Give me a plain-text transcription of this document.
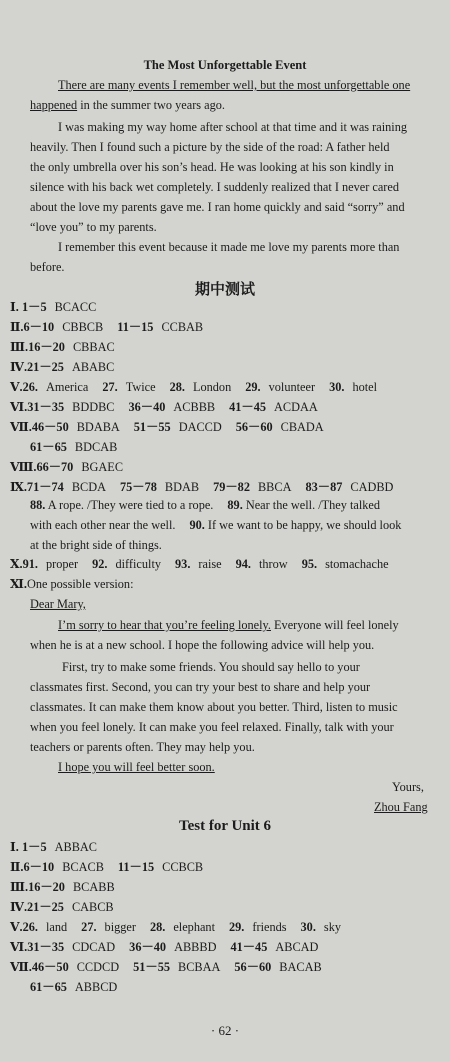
The Most Unforgettable Event
There are many events I remember well, but the most unforgettable one
happened in the summer two years ago.
I was making my way home after school at that time and it was raining
heavily. Then I found such a picture by the side of the road: A father held
the only umbrella over his son’s head. He was looking at his son kindly in
silence with his back wet completely. I suddenly realized that I never cared
about the love my parents gave me. I ran home quickly and said “sorry” and
“love you” to my parents.
I remember this event because it made me love my parents more than
before.
期中测试
Ⅰ. 1－5 BCACC
Ⅱ.6－10 CBBCB 11－15 CCBAB
Ⅲ.16－20 CBBAC
Ⅳ.21－25 ABABC
Ⅴ.26. America 27. Twice 28. London 29. volunteer 30. hotel
Ⅵ.31－35 BDDBC 36－40 ACBBB 41－45 ACDAA
Ⅶ.46－50 BDABA 51－55 DACCD 56－60 CBADA
61－65 BDCAB
Ⅷ.66－70 BGAEC
Ⅸ.71－74 BCDA 75－78 BDAB 79－82 BBCA 83－87 CADBD
88. A rope. /They were tied to a rope. 89. Near the well. /They talked
with each other near the well. 90. If we want to be happy, we should look
at the bright side of things.
Ⅹ.91. proper 92. difficulty 93. raise 94. throw 95. stomachache
Ⅺ.One possible version:
Dear Mary,
I’m sorry to hear that you’re feeling lonely. Everyone will feel lonely
when he is at a new school. I hope the following advice will help you.
First, try to make some friends. You should say hello to your
classmates first. Second, you can try your best to share and help your
classmates. It can make them know about you better. Third, listen to music
when you feel lonely. It can make you feel relaxed. Finally, talk with your
teachers or parents often. They may help you.
I hope you will feel better soon.
Yours,
Zhou Fang
Test for Unit 6
Ⅰ. 1－5 ABBAC
Ⅱ.6－10 BCACB 11－15 CCBCB
Ⅲ.16－20 BCABB
Ⅳ.21－25 CABCB
Ⅴ.26. land 27. bigger 28. elephant 29. friends 30. sky
Ⅵ.31－35 CDCAD 36－40 ABBBD 41－45 ABCAD
Ⅶ.46－50 CCDCD 51－55 BCBAA 56－60 BACAB
61－65 ABBCD
· 62 ·
